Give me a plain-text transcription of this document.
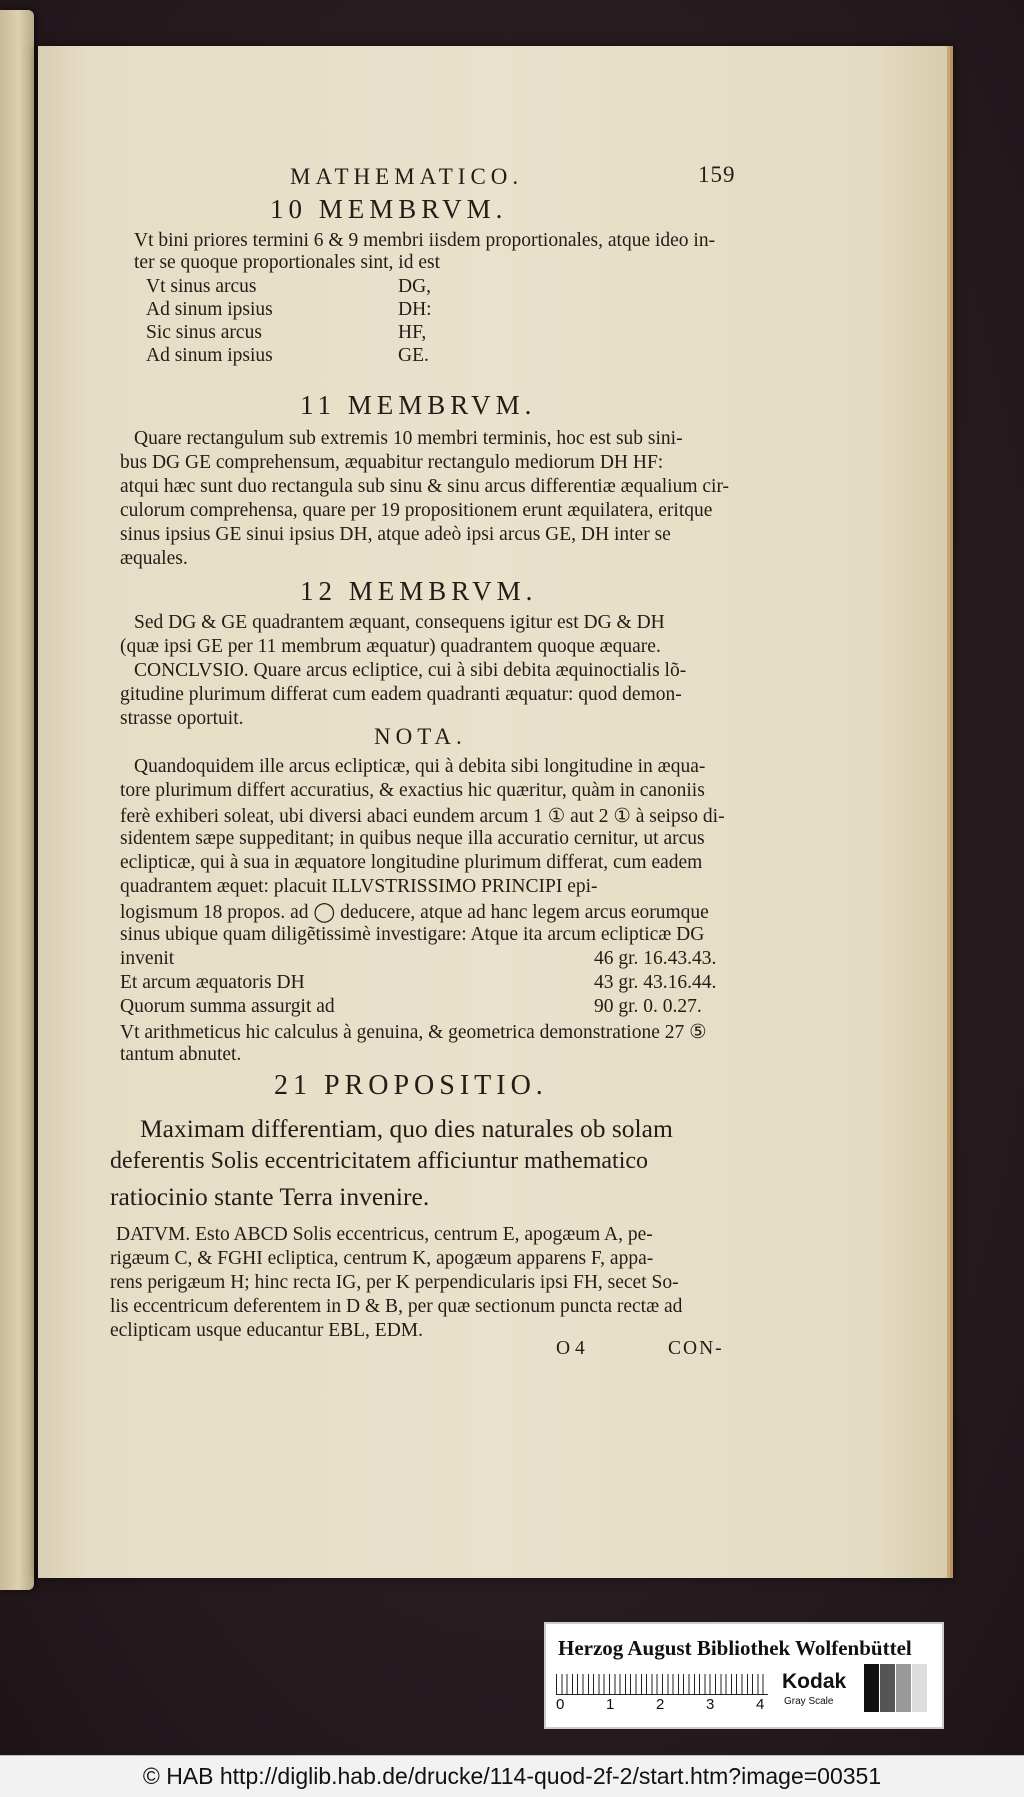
MATHEMATICO.	159
10 MEMBRVM.
Vt bini priores termini 6 & 9 membri iisdem proportionales, atque ideo in-
ter se quoque proportionales sint, id est
Vt sinus arcus	DG,
Ad sinum ipsius	DH:
Sic sinus arcus	HF,
Ad sinum ipsius	GE.
11 MEMBRVM.
Quare rectangulum sub extremis 10 membri terminis, hoc est sub sini-
bus DG GE comprehensum, æquabitur rectangulo mediorum DH HF:
atqui hæc sunt duo rectangula sub sinu & sinu arcus differentiæ æqualium cir-
culorum comprehensa, quare per 19 propositionem erunt æquilatera, eritque
sinus ipsius GE sinui ipsius DH, atque adeò ipsi arcus GE, DH inter se
æquales.
12 MEMBRVM.
Sed DG & GE quadrantem æquant, consequens igitur est DG & DH
(quæ ipsi GE per 11 membrum æquatur) quadrantem quoque æquare.
CONCLVSIO. Quare arcus ecliptice, cui à sibi debita æquinoctialis lõ-
gitudine plurimum differat cum eadem quadranti æquatur: quod demon-
strasse oportuit.
NOTA.
Quandoquidem ille arcus eclipticæ, qui à debita sibi longitudine in æqua-
tore plurimum differt accuratius, & exactius hic quæritur, quàm in canoniis
ferè exhiberi soleat, ubi diversi abaci eundem arcum 1 ① aut 2 ① à seipso di-
sidentem sæpe suppeditant; in quibus neque illa accuratio cernitur, ut arcus
eclipticæ, qui à sua in æquatore longitudine plurimum differat, cum eadem
quadrantem æquet: placuit ILLVSTRISSIMO PRINCIPI epi-
logismum 18 propos. ad ◯ deducere, atque ad hanc legem arcus eorumque
sinus ubique quam diligẽtissimè investigare: Atque ita arcum eclipticæ DG
invenit	46 gr. 16.43.43.
Et arcum æquatoris DH	43 gr. 43.16.44.
Quorum summa assurgit ad	90 gr. 0. 0.27.
Vt arithmeticus hic calculus à genuina, & geometrica demonstratione 27 ⑤
tantum abnutet.
21 PROPOSITIO.
Maximam differentiam, quo dies naturales ob solam
deferentis Solis eccentricitatem afficiuntur mathematico
ratiocinio stante Terra invenire.
DATVM. Esto ABCD Solis eccentricus, centrum E, apogæum A, pe-
rigæum C, & FGHI ecliptica, centrum K, apogæum apparens F, appa-
rens perigæum H; hinc recta IG, per K perpendicularis ipsi FH, secet So-
lis eccentricum deferentem in D & B, per quæ sectionum puncta rectæ ad
eclipticam usque educantur EBL, EDM.
O 4	CON-
Herzog August Bibliothek Wolfenbüttel
0	1	2	3	4
Kodak
Gray Scale
© HAB http://diglib.hab.de/drucke/114-quod-2f-2/start.htm?image=00351
